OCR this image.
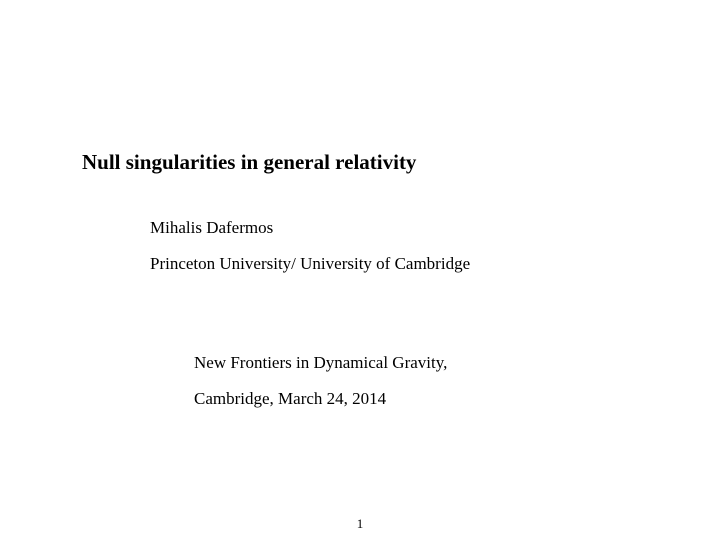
Null singularities in general relativity
Mihalis Dafermos
Princeton University/ University of Cambridge
New Frontiers in Dynamical Gravity,
Cambridge, March 24, 2014
1
